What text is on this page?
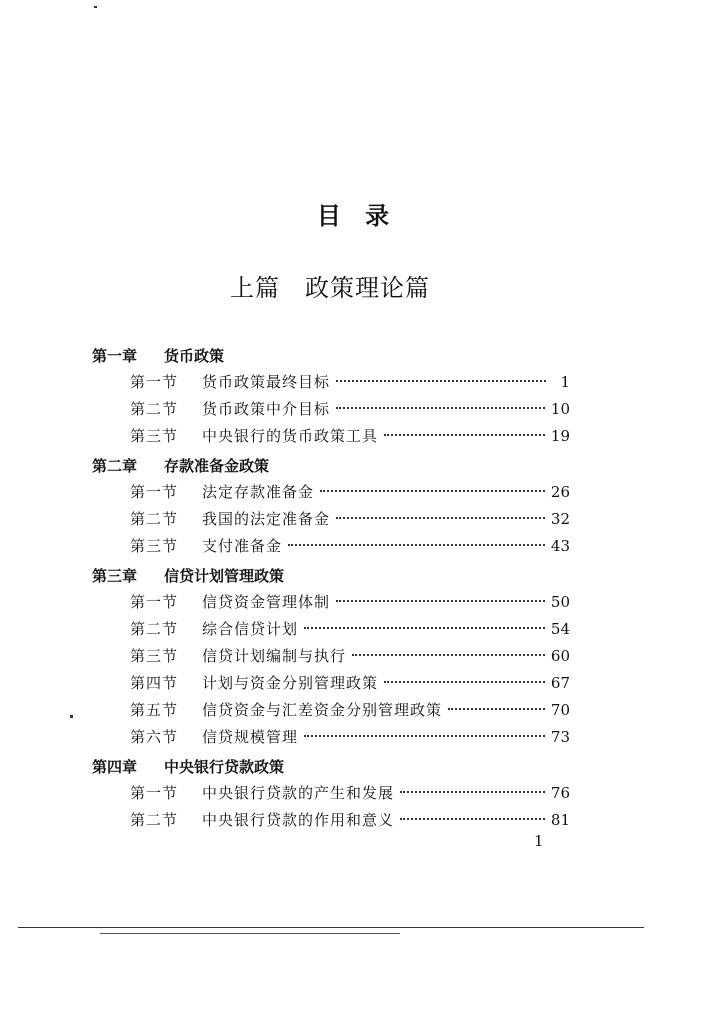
目 录
上篇　政策理论篇
第一章 货币政策
第一节	货币政策最终目标	1
第二节	货币政策中介目标	10
第三节	中央银行的货币政策工具	19
第二章 存款准备金政策
第一节	法定存款准备金	26
第二节	我国的法定准备金	32
第三节	支付准备金	43
第三章 信贷计划管理政策
第一节	信贷资金管理体制	50
第二节	综合信贷计划	54
第三节	信贷计划编制与执行	60
第四节	计划与资金分别管理政策	67
第五节	信贷资金与汇差资金分别管理政策	70
第六节	信贷规模管理	73
第四章 中央银行贷款政策
第一节	中央银行贷款的产生和发展	76
第二节	中央银行贷款的作用和意义	81
1
